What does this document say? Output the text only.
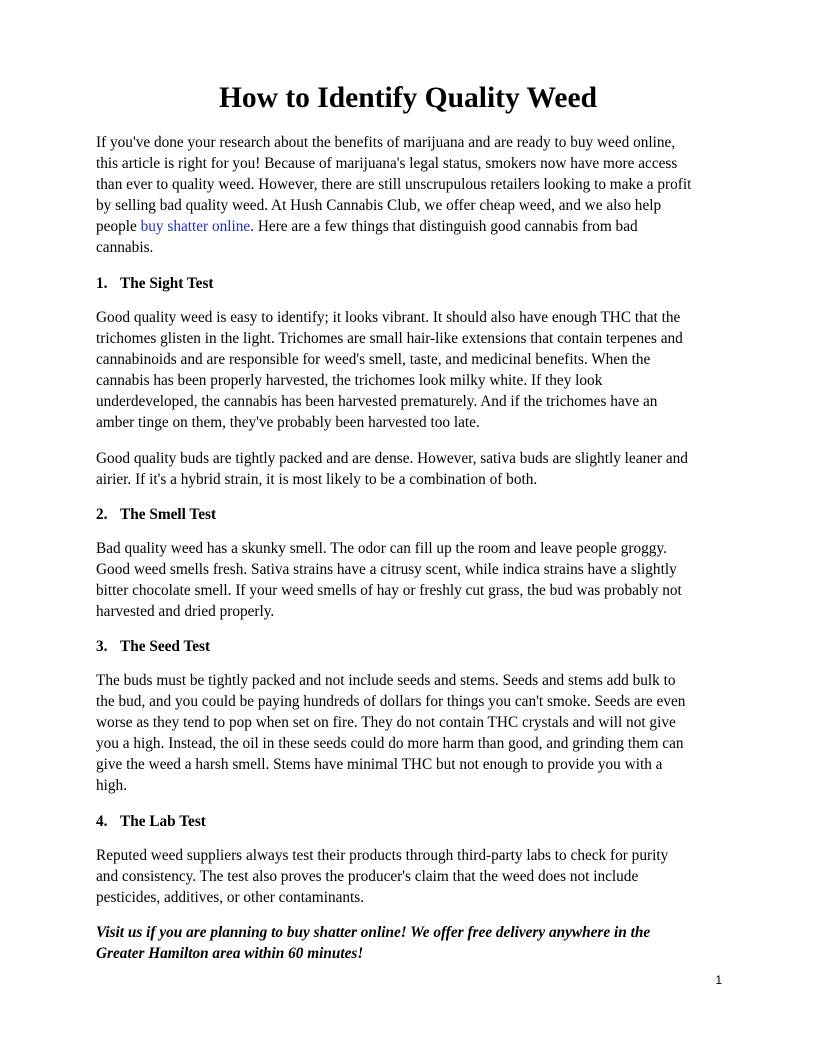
How to Identify Quality Weed
If you've done your research about the benefits of marijuana and are ready to buy weed online,
this article is right for you! Because of marijuana's legal status, smokers now have more access
than ever to quality weed. However, there are still unscrupulous retailers looking to make a profit
by selling bad quality weed. At Hush Cannabis Club, we offer cheap weed, and we also help
people buy shatter online. Here are a few things that distinguish good cannabis from bad
cannabis.
1. The Sight Test
Good quality weed is easy to identify; it looks vibrant. It should also have enough THC that the
trichomes glisten in the light. Trichomes are small hair-like extensions that contain terpenes and
cannabinoids and are responsible for weed's smell, taste, and medicinal benefits. When the
cannabis has been properly harvested, the trichomes look milky white. If they look
underdeveloped, the cannabis has been harvested prematurely. And if the trichomes have an
amber tinge on them, they've probably been harvested too late.
Good quality buds are tightly packed and are dense. However, sativa buds are slightly leaner and
airier. If it's a hybrid strain, it is most likely to be a combination of both.
2. The Smell Test
Bad quality weed has a skunky smell. The odor can fill up the room and leave people groggy.
Good weed smells fresh. Sativa strains have a citrusy scent, while indica strains have a slightly
bitter chocolate smell. If your weed smells of hay or freshly cut grass, the bud was probably not
harvested and dried properly.
3. The Seed Test
The buds must be tightly packed and not include seeds and stems. Seeds and stems add bulk to
the bud, and you could be paying hundreds of dollars for things you can't smoke. Seeds are even
worse as they tend to pop when set on fire. They do not contain THC crystals and will not give
you a high. Instead, the oil in these seeds could do more harm than good, and grinding them can
give the weed a harsh smell. Stems have minimal THC but not enough to provide you with a
high.
4. The Lab Test
Reputed weed suppliers always test their products through third-party labs to check for purity
and consistency. The test also proves the producer's claim that the weed does not include
pesticides, additives, or other contaminants.
Visit us if you are planning to buy shatter online! We offer free delivery anywhere in the
Greater Hamilton area within 60 minutes!
1
